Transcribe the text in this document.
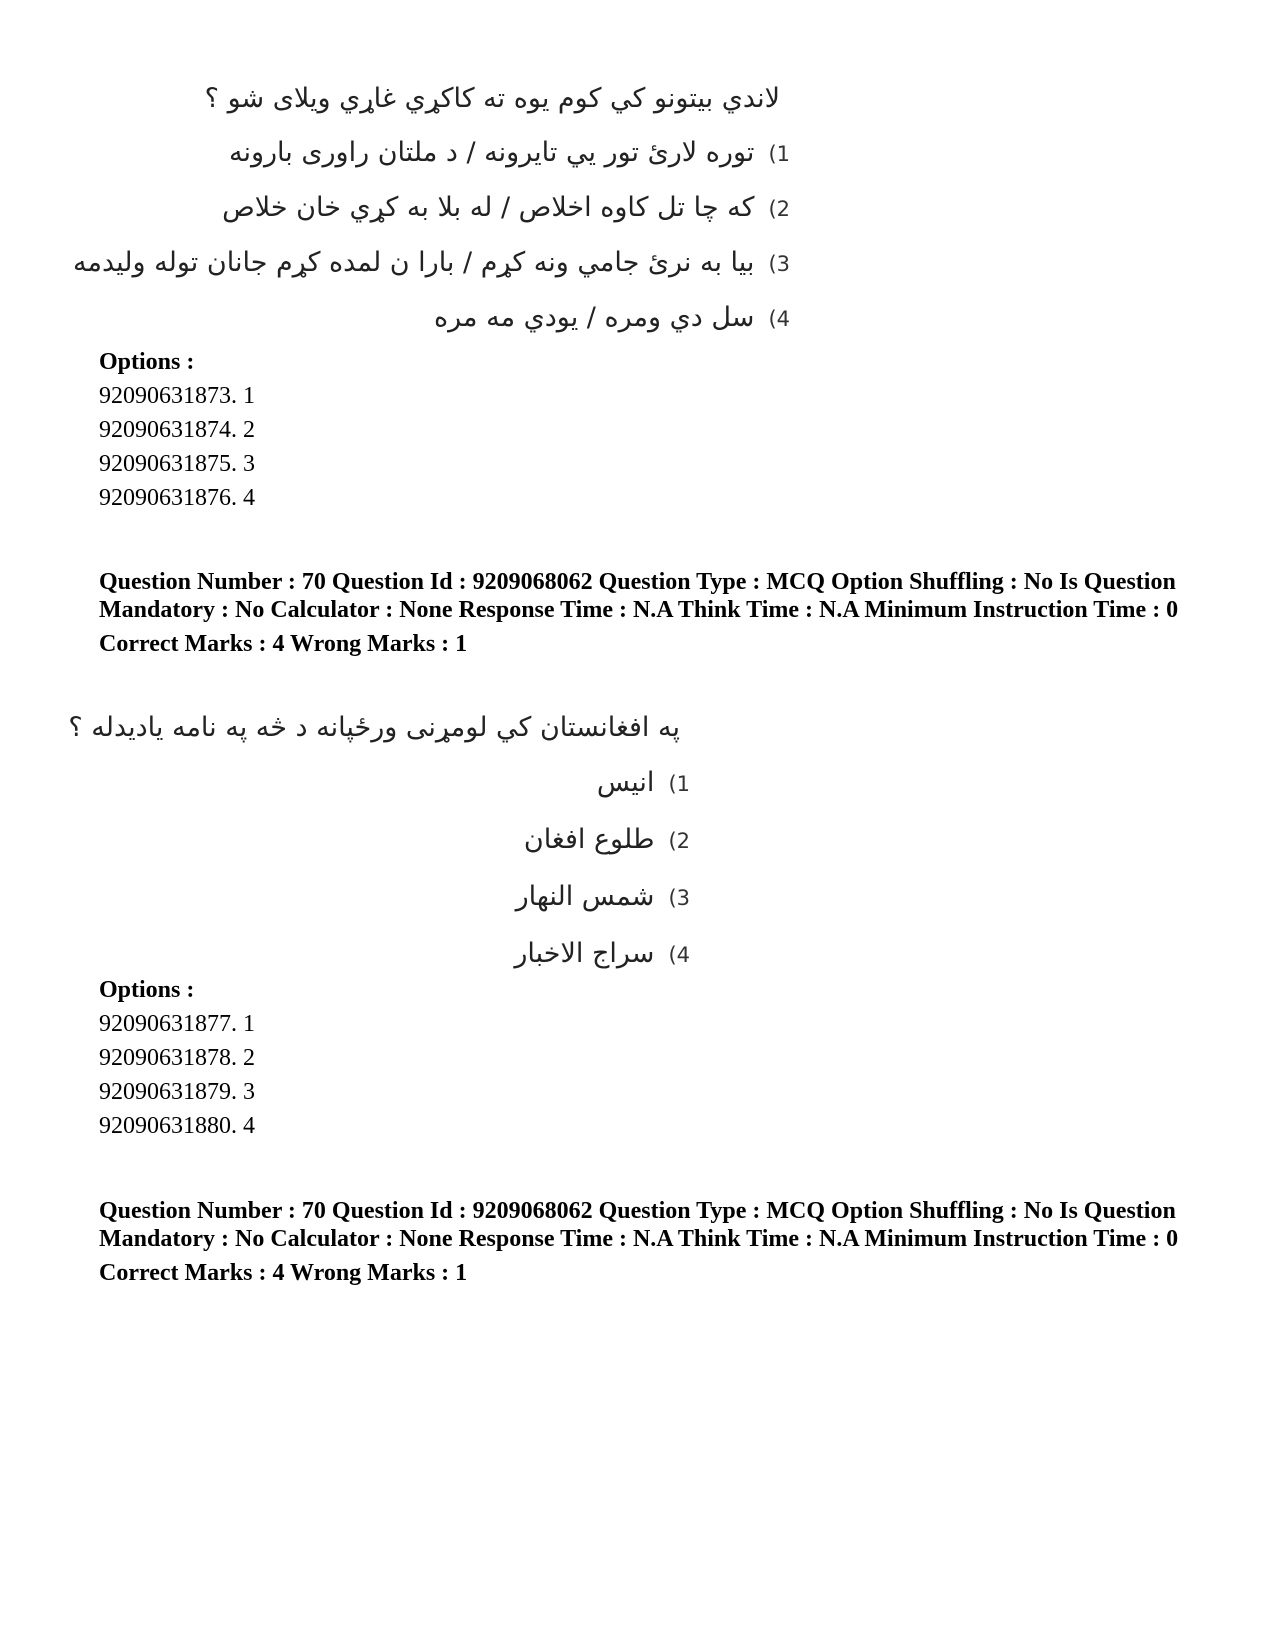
لاندي بيتونو كي كوم يوه ته كاكړي غاړي ويلاى شو ؟
(1توره لارئ تور يي تايرونه / د ملتان راوری بارونه
(2كه چا تل كاوه اخلاص / له بلا به كړي خان خلاص
(3بيا به نرئ جامي ونه كړم / بارا ن لمده كړم جانان توله وليدمه
(4سل دي ومره / يودي مه مره
Options :
92090631873. 1
92090631874. 2
92090631875. 3
92090631876. 4
Question Number : 70 Question Id : 9209068062 Question Type : MCQ Option Shuffling : No Is Question Mandatory : No Calculator : None Response Time : N.A Think Time : N.A Minimum Instruction Time : 0
Correct Marks : 4 Wrong Marks : 1
په افغانستان كي لومړنی ورځپانه د څه په نامه يادیدله ؟
(1انيس
(2طلوع افغان
(3شمس النهار
(4سراج الاخبار
Options :
92090631877. 1
92090631878. 2
92090631879. 3
92090631880. 4
Question Number : 70 Question Id : 9209068062 Question Type : MCQ Option Shuffling : No Is Question Mandatory : No Calculator : None Response Time : N.A Think Time : N.A Minimum Instruction Time : 0
Correct Marks : 4 Wrong Marks : 1
